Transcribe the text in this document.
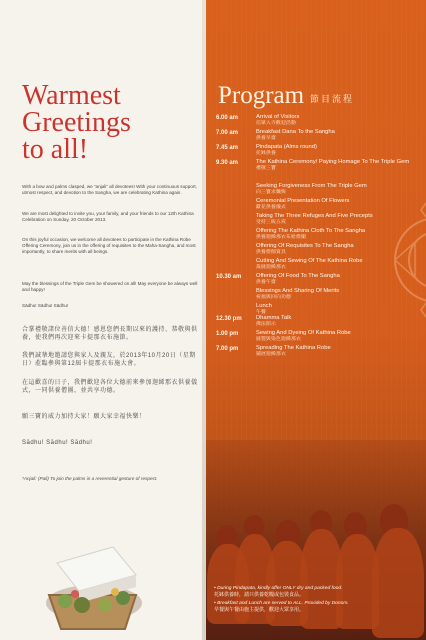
Warmest
Greetings
to all!
With a bow and palms clasped, we “anjali” all devotees! With your continuous support, utmost respect, and devotion to the Sangha, we are celebrating Kathina again.
We are most delighted to invite you, your family, and your friends to our 12th Kathina Celebration on Sunday, 20 October 2013.
On this joyful occasion, we welcome all devotees to participate in the Kathina Robe Offering Ceremony, join us in the offering of requisites to the Maha-Sangha, and most importantly, to share merits with all beings.
May the blessings of the Triple Gem be showered on all! May everyone be always well and happy!
Sādhu! Sādhu! Sādhu!
合掌禮敬諸位善信大德！感恩您們長期以來的護持、恭敬與供養，使我們再次迎來卡提那衣布施節。
我們誠摯地邀請您與家人及親友，於2013年10月20日（星期日）蒞臨參與第12屆卡提那衣布施大會。
在這歡喜的日子，我們歡迎各位大德前來參加迦絺那衣供養儀式，一同供養僧團，並共享功德。
願三寶的威力加持大家！願大家幸福快樂！
Sādhu! Sādhu! Sādhu!
*Anjali: (Pali) To join the palms in a reverential gesture of respect.
Program 節目流程
6.00 am	Arrival of Visitors
信眾入寺歡迎活動
7.00 am	Breakfast Dana To the Sangha
供養早齋
7.45 am	Pindapata (Alms round)
托缽供養
9.30 am	The Kathina Ceremony/ Paying Homage To The Triple Gem
禮敬三寶
Seeking Forgiveness From The Triple Gem
向三寶求懺悔
Ceremonial Presentation Of Flowers
獻花供養儀式
Taking The Three Refuges And Five Precepts
受持三皈五戒
Offering The Kathina Cloth To The Sangha
供養迦絺那衣布給僧團
Offering Of Requisites To The Sangha
供養僧伽資具
Cutting And Sewing Of The Kathina Robe
裁縫迦絺那衣
10.30 am	Offering Of Food To The Sangha
供養午齋
Blessings And Sharing Of Merits
祝福與回向功德
Lunch
午餐
12.30 pm	Dhamma Talk
佛法開示
1.00 pm	Sewing And Dyeing Of Kathina Robe
縫製與染色迦絺那衣
7.00 pm	Spreading The Kathina Robe
鋪展迦絺那衣

• During Pindapata, kindly offer ONLY dry and packed food.
托缽供養時，請只供養乾糧或包裝食品。

• Breakfast and Lunch are served to ALL. Provided by Donors.
早餐與午餐由施主提供，歡迎大眾享用。
